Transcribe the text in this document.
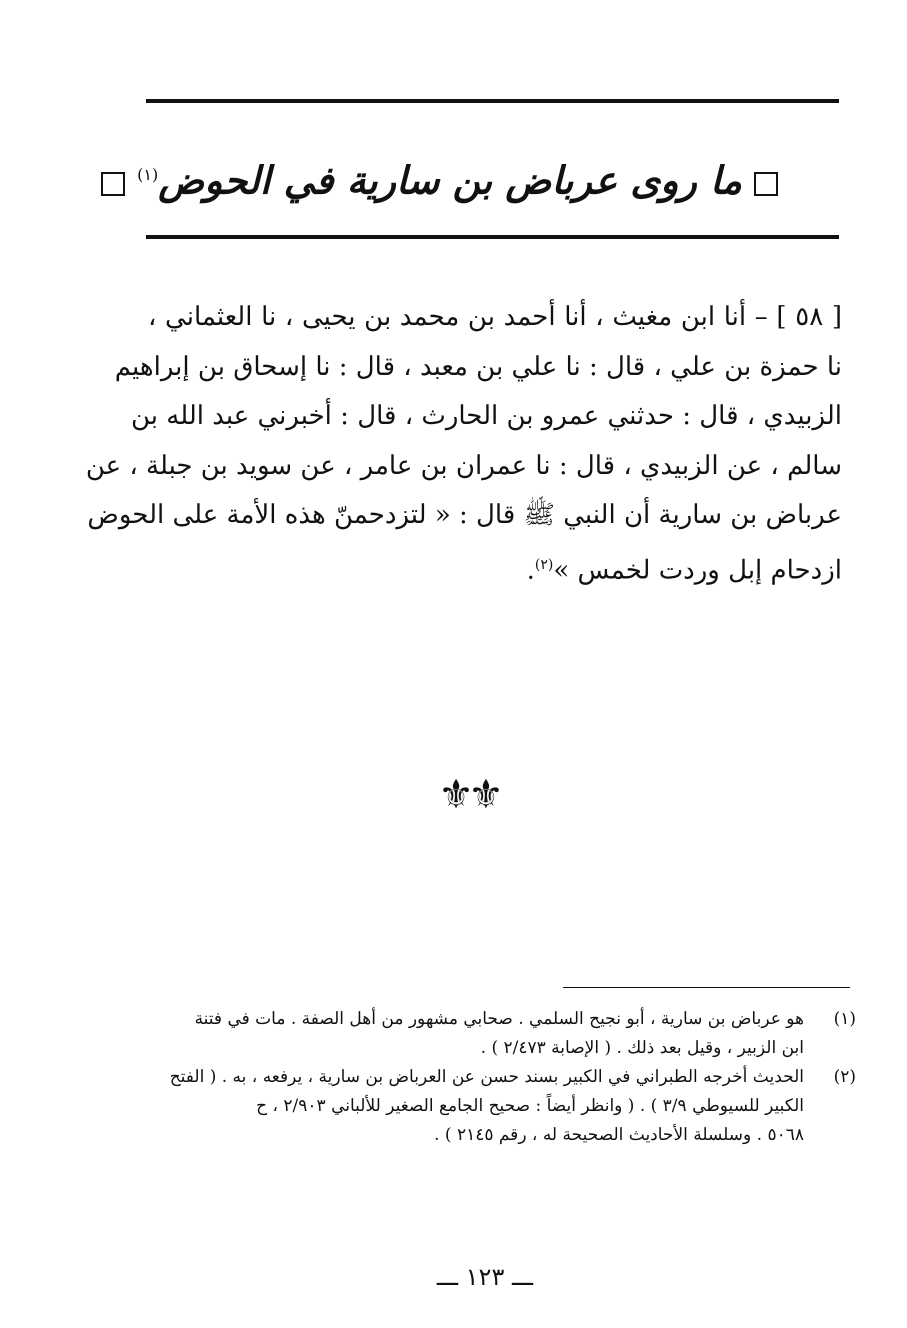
ما روى عرباض بن سارية في الحوض$^{(١)}$
[ ٥٨ ] – أنا ابن مغيث ، أنا أحمد بن محمد بن يحيى ، نا العثماني ،
نا حمزة بن علي ، قال : نا علي بن معبد ، قال : نا إسحاق بن إبراهيم
الزبيدي ، قال : حدثني عمرو بن الحارث ، قال : أخبرني عبد الله بن
سالم ، عن الزبيدي ، قال : نا عمران بن عامر ، عن سويد بن جبلة ، عن
عرباض بن سارية أن النبي ﷺ قال : « لتزدحمنّ هذه الأمة على الحوض
ازدحام إبل وردت لخمس »$^{(٢)}$.
⚜⚜
(١)
هو عرباض بن سارية ، أبو نجيح السلمي . صحابي مشهور من أهل الصفة . مات في فتنة
ابن الزبير ، وقيل بعد ذلك . ( الإصابة ٢/٤٧٣ ) .
(٢)
الحديث أخرجه الطبراني في الكبير بسند حسن عن العرباض بن سارية ، يرفعه ، به . ( الفتح
الكبير للسيوطي ٣/٩ ) . ( وانظر أيضاً : صحيح الجامع الصغير للألباني ٢/٩٠٣ ، ح
٥٠٦٨ . وسلسلة الأحاديث الصحيحة له ، رقم ٢١٤٥ ) .
ـــ ١٢٣ ـــ
